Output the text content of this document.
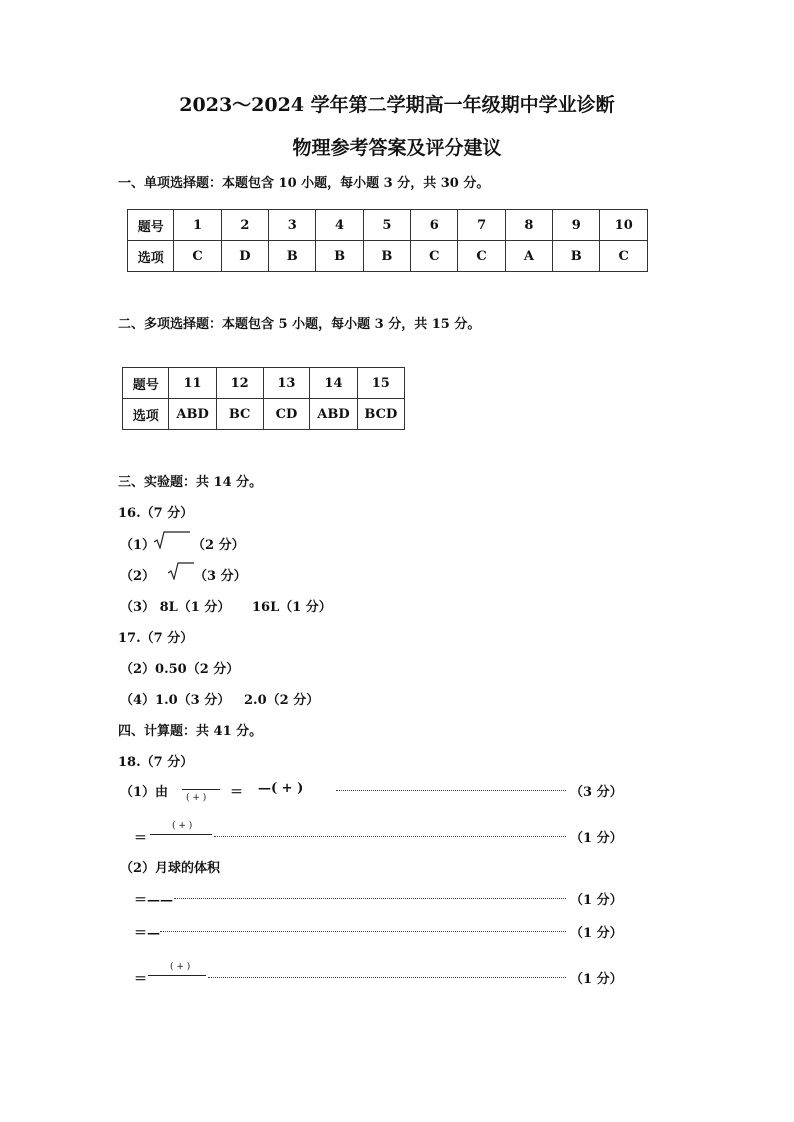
2023～2024 学年第二学期高一年级期中学业诊断
物理参考答案及评分建议
一、单项选择题：本题包含 10 小题，每小题 3 分，共 30 分。
题号	1	2	3	4	5	6	7	8	9	10
选项	C	D	B	B	B	C	C	A	B	C
二、多项选择题：本题包含 5 小题，每小题 3 分，共 15 分。
题号	11	12	13	14	15
选项	ABD	BC	CD	ABD	BCD
三、实验题：共 14 分。
16.（7 分）
（1）	（2 分）
（2）	（3 分）
（3） 8L（1 分） 16L（1 分）
17.（7 分）
（2）0.50（2 分）
（4）1.0（3 分） 2.0（2 分）
四、计算题：共 41 分。
18.（7 分）
（1）由 ( + ) ＝ —( + )	（3 分）
＝
( + )
（1 分）
（2）月球的体积
＝——	（1 分）
＝—	（1 分）
＝
( + )
（1 分）
